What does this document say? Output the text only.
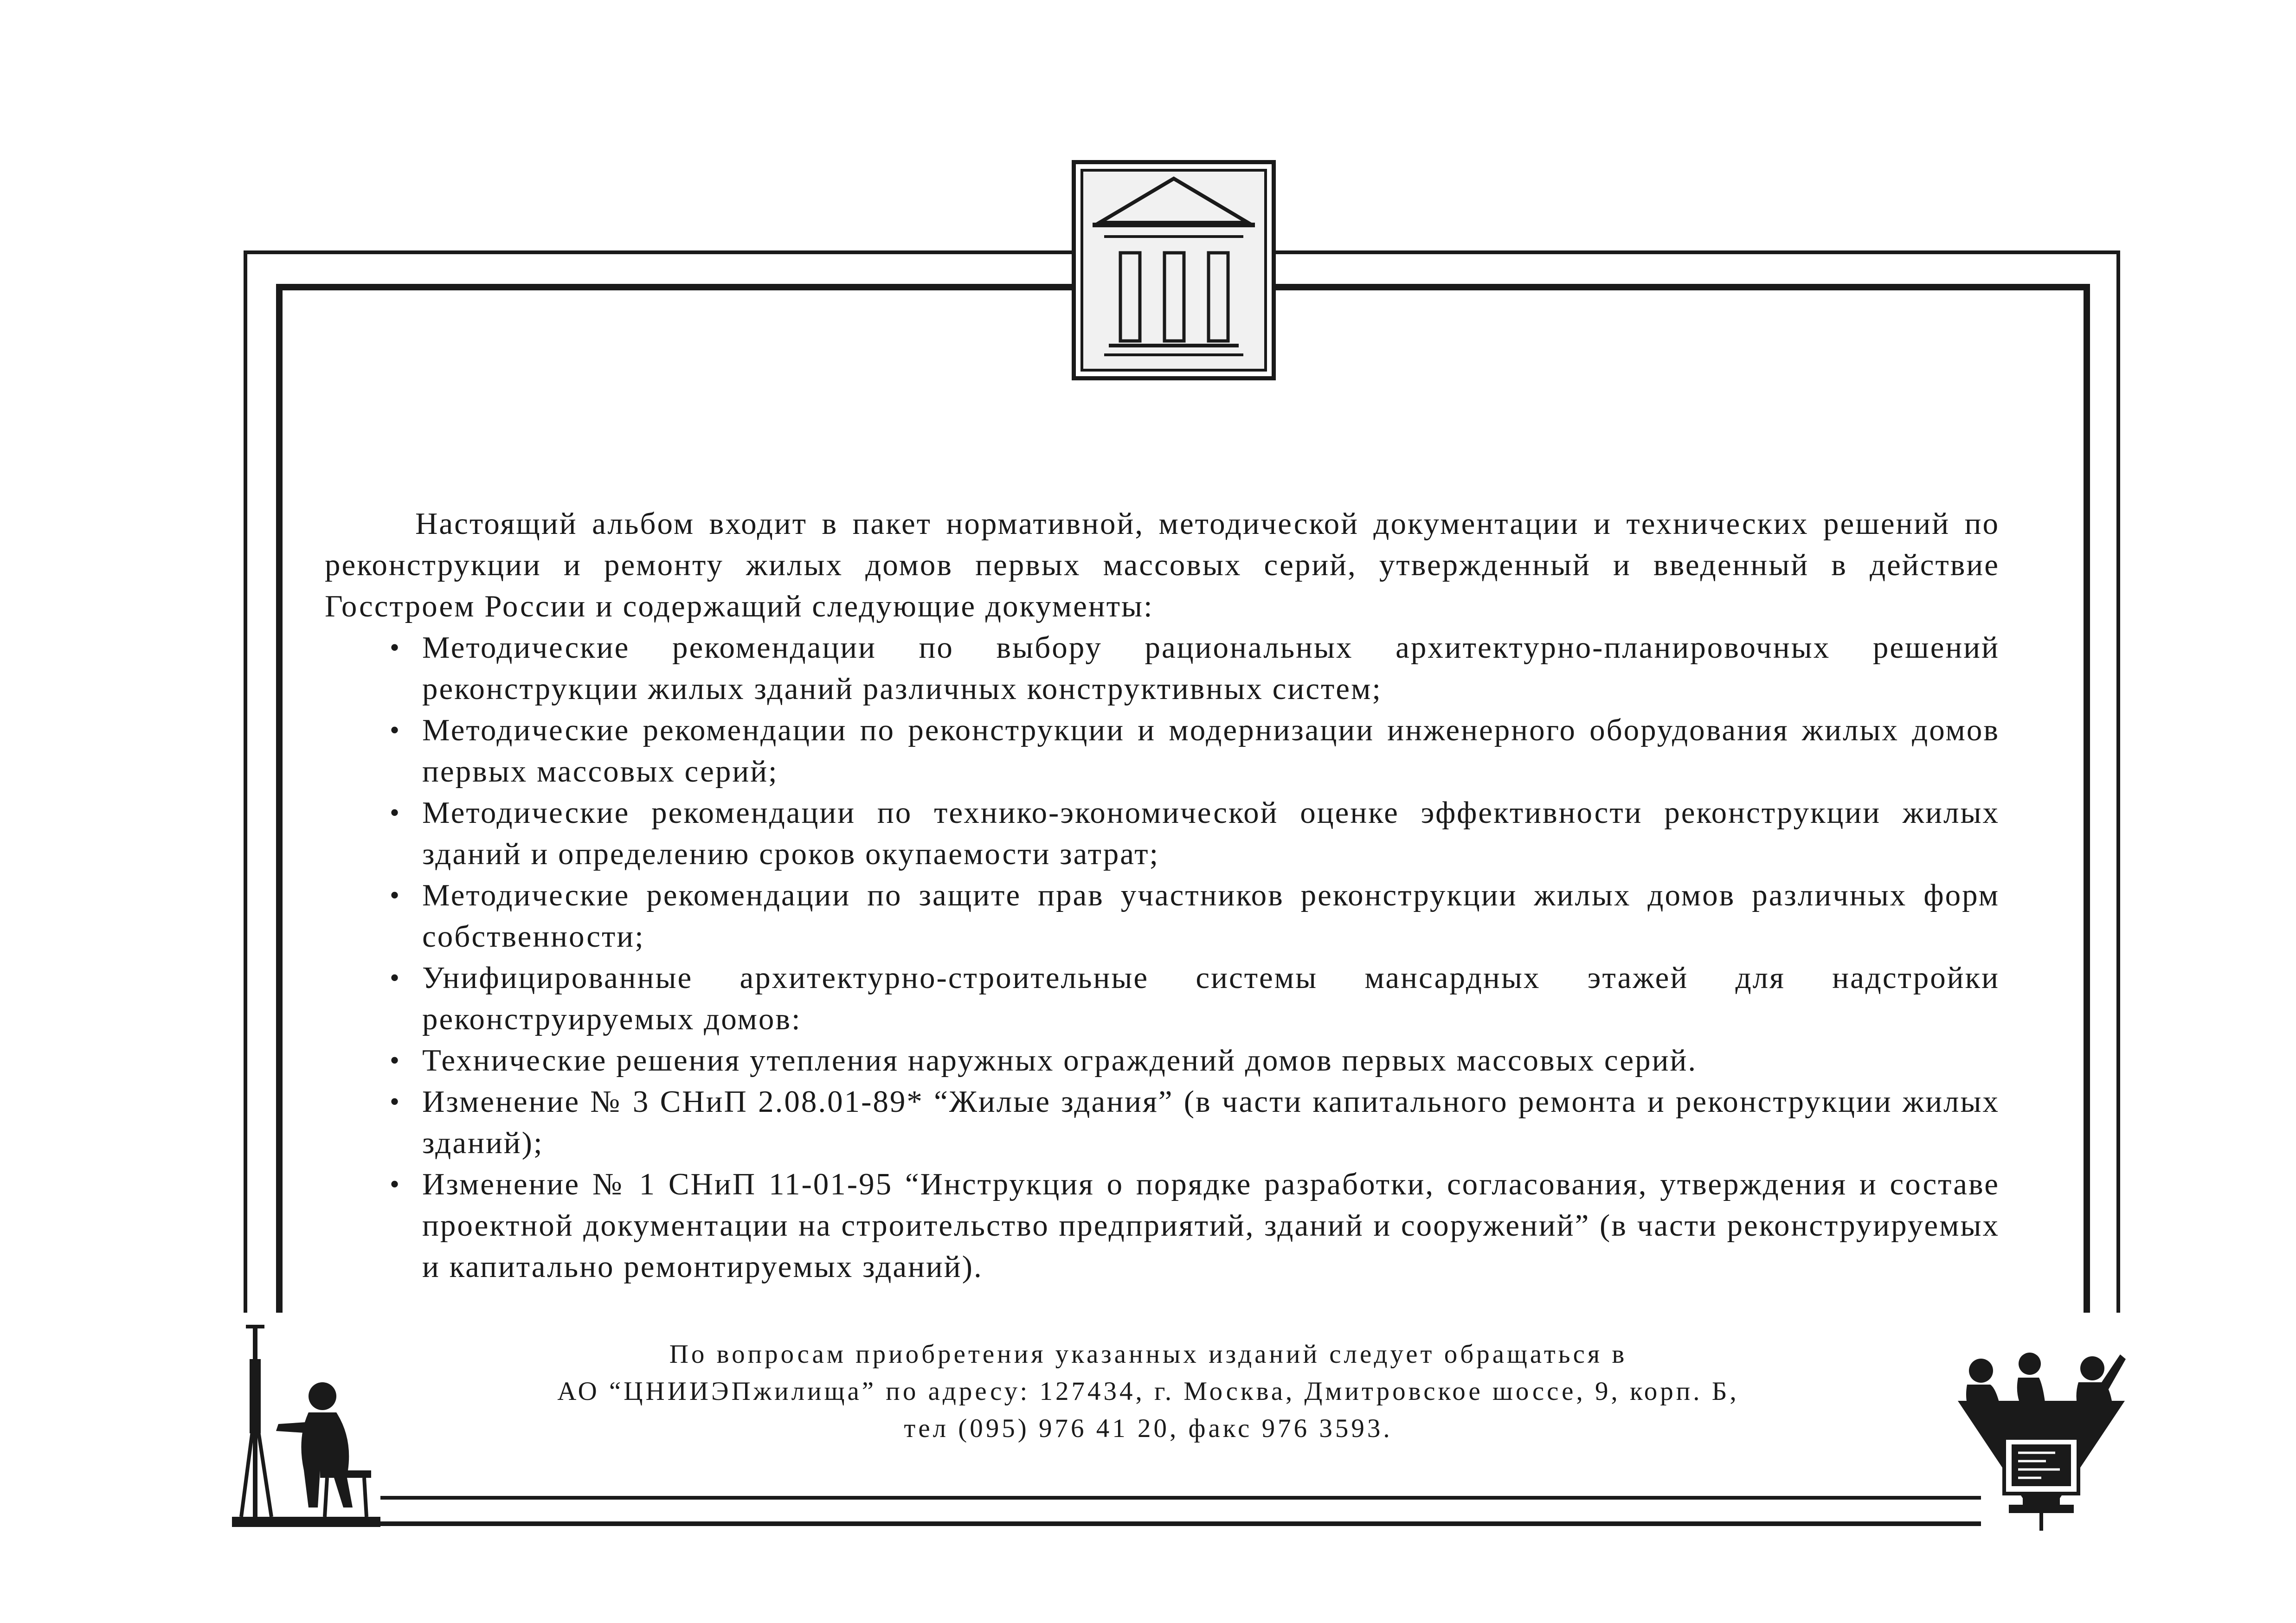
Настоящий альбом входит в пакет нормативной, методической документации и технических решений по реконструкции и ремонту жилых домов первых массовых серий, утвержденный и введенный в действие Госстроем России и содержащий следующие документы:

• Методические рекомендации по выбору рациональных архитектурно-планировочных решений реконструкции жилых зданий различных конструктивных систем;
• Методические рекомендации по реконструкции и модернизации инженерного оборудования жилых домов первых массовых серий;
• Методические рекомендации по технико-экономической оценке эффективности реконструкции жилых зданий и определению сроков окупаемости затрат;
• Методические рекомендации по защите прав участников реконструкции жилых домов различных форм собственности;
• Унифицированные архитектурно-строительные системы мансардных этажей для надстройки реконструируемых домов:
• Технические решения утепления наружных ограждений домов первых массовых серий.
• Изменение № 3 СНиП 2.08.01-89* “Жилые здания” (в части капитального ремонта и реконструкции жилых зданий);
• Изменение № 1 СНиП 11-01-95 “Инструкция о порядке разработки, согласования, утверждения и составе проектной документации на строительство предприятий, зданий и сооружений” (в части реконструируемых и капитально ремонтируемых зданий).
По вопросам приобретения указанных изданий следует обращаться в
АО “ЦНИИЭПжилища” по адресу: 127434, г. Москва, Дмитровское шоссе, 9, корп. Б,
тел (095) 976 41 20, факс 976 3593.
